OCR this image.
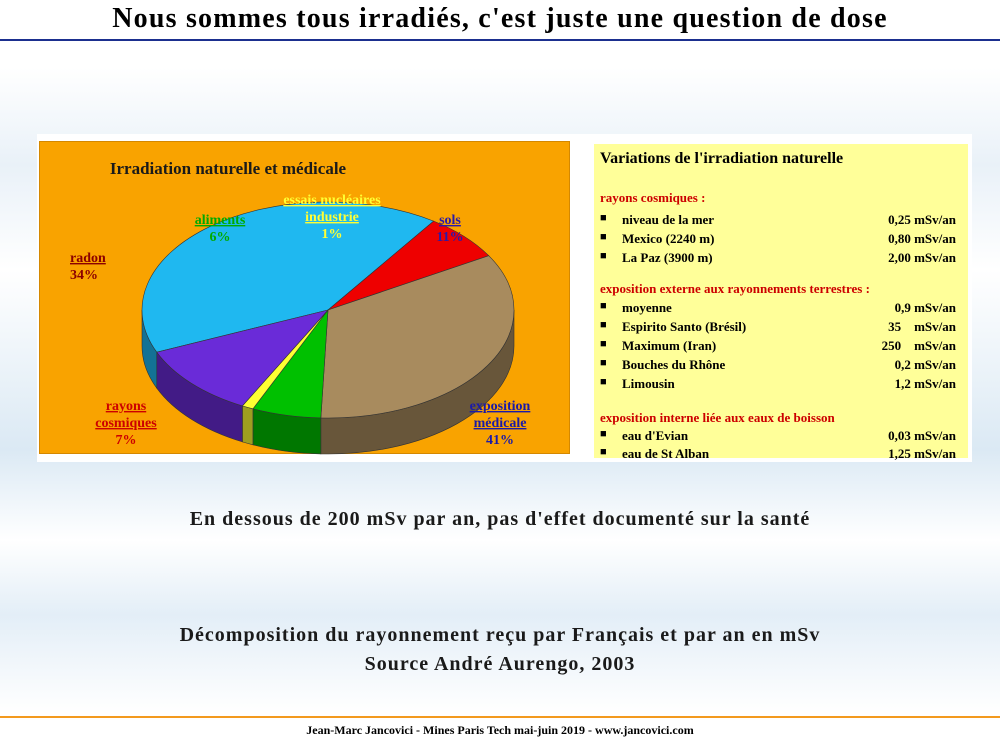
Nous sommes tous irradiés, c'est juste une question de dose
Irradiation naturelle et médicale
exposition
médicale
41%
rayons
cosmiques
7%
radon
34%
aliments
6%
essais nucléaires
industrie
1%
sols
11%
Variations de l'irradiation naturelle
rayons cosmiques :
■ niveau de la mer	0,25 mSv/an
■ Mexico (2240 m)	0,80 mSv/an
■ La Paz (3900 m)	2,00 mSv/an
exposition externe aux rayonnements terrestres :
■ moyenne	0,9 mSv/an
■ Espirito Santo (Brésil)	35    mSv/an
■ Maximum (Iran)	250    mSv/an
■ Bouches du Rhône	0,2 mSv/an
■ Limousin	1,2 mSv/an
exposition interne liée aux eaux de boisson
■ eau d'Evian	0,03 mSv/an
■ eau de St Alban	1,25 mSv/an
En dessous de 200 mSv par an, pas d'effet documenté sur la santé
Décomposition du rayonnement reçu par Français et par an en mSv
Source André Aurengo, 2003
Jean-Marc Jancovici - Mines Paris Tech mai-juin 2019 - www.jancovici.com
